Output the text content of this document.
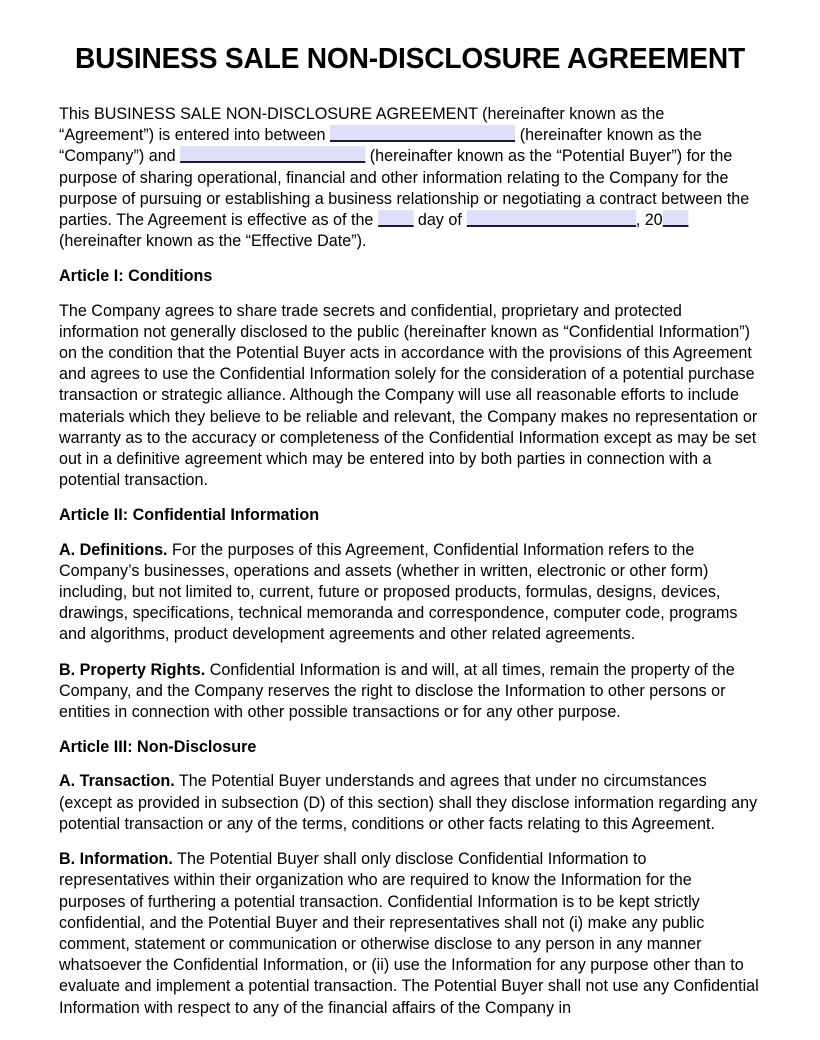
BUSINESS SALE NON-DISCLOSURE AGREEMENT

This BUSINESS SALE NON-DISCLOSURE AGREEMENT (hereinafter known as the “Agreement”) is entered into between	(hereinafter known as the “Company”) and	(hereinafter known as the “Potential Buyer”) for the purpose of sharing operational, financial and other information relating to the Company for the purpose of pursuing or establishing a business relationship or negotiating a contract between the parties. The Agreement is effective as of the  day of	, 20 (hereinafter known as the “Effective Date”).

Article I: Conditions

The Company agrees to share trade secrets and confidential, proprietary and protected information not generally disclosed to the public (hereinafter known as “Confidential Information”) on the condition that the Potential Buyer acts in accordance with the provisions of this Agreement and agrees to use the Confidential Information solely for the consideration of a potential purchase transaction or strategic alliance. Although the Company will use all reasonable efforts to include materials which they believe to be reliable and relevant, the Company makes no representation or warranty as to the accuracy or completeness of the Confidential Information except as may be set out in a definitive agreement which may be entered into by both parties in connection with a potential transaction.

Article II: Confidential Information

A. Definitions. For the purposes of this Agreement, Confidential Information refers to the Company’s businesses, operations and assets (whether in written, electronic or other form) including, but not limited to, current, future or proposed products, formulas, designs, devices, drawings, specifications, technical memoranda and correspondence, computer code, programs and algorithms, product development agreements and other related agreements.

B. Property Rights. Confidential Information is and will, at all times, remain the property of the Company, and the Company reserves the right to disclose the Information to other persons or entities in connection with other possible transactions or for any other purpose.

Article III: Non-Disclosure

A. Transaction. The Potential Buyer understands and agrees that under no circumstances (except as provided in subsection (D) of this section) shall they disclose information regarding any potential transaction or any of the terms, conditions or other facts relating to this Agreement.

B. Information. The Potential Buyer shall only disclose Confidential Information to representatives within their organization who are required to know the Information for the purposes of furthering a potential transaction. Confidential Information is to be kept strictly confidential, and the Potential Buyer and their representatives shall not (i) make any public comment, statement or communication or otherwise disclose to any person in any manner whatsoever the Confidential Information, or (ii) use the Information for any purpose other than to evaluate and implement a potential transaction. The Potential Buyer shall not use any Confidential Information with respect to any of the financial affairs of the Company in
